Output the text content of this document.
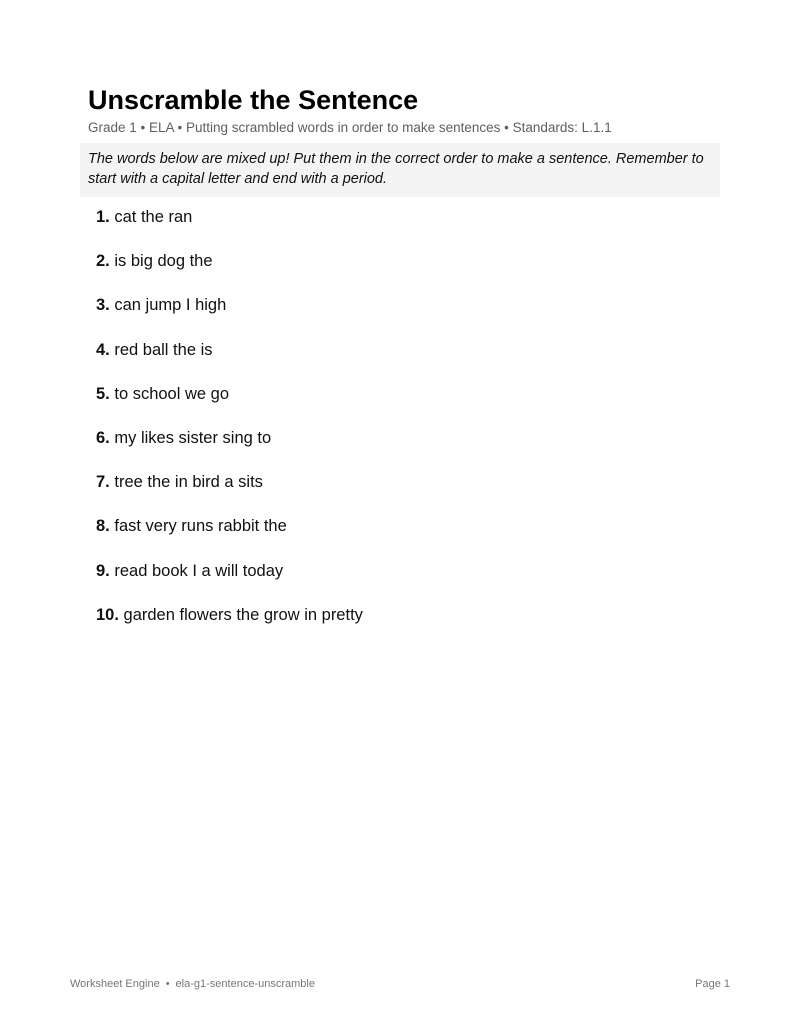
Unscramble the Sentence
Grade 1 • ELA • Putting scrambled words in order to make sentences • Standards: L.1.1
The words below are mixed up! Put them in the correct order to make a sentence. Remember to start with a capital letter and end with a period.
1. cat the ran
2. is big dog the
3. can jump I high
4. red ball the is
5. to school we go
6. my likes sister sing to
7. tree the in bird a sits
8. fast very runs rabbit the
9. read book I a will today
10. garden flowers the grow in pretty
Worksheet Engine • ela-g1-sentence-unscramble	Page 1
